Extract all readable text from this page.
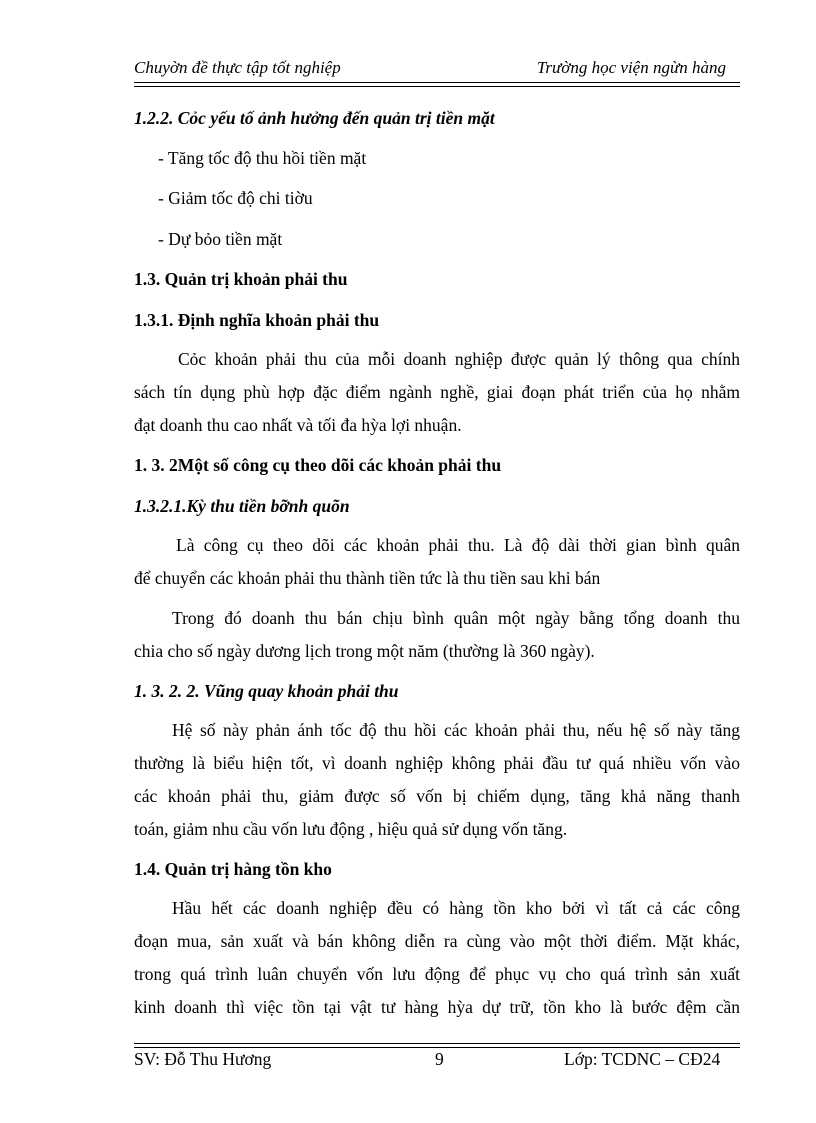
Chuyờn đề thực tập tốt nghiệp	Trường học viện ngừn hàng
1.2.2. Cỏc yếu tố ảnh hưởng đến quản trị tiền mặt
- Tăng tốc độ thu hồi tiền mặt
- Giảm tốc độ chi tiờu
- Dự bỏo tiền mặt
1.3. Quản trị khoản phải thu
1.3.1. Định nghĩa khoản phải thu
Cỏc khoản phải thu của mỗi doanh nghiệp được quản lý thông qua chính
sách tín dụng phù hợp đặc điểm ngành nghề, giai đoạn phát triển của họ nhằm
đạt doanh thu cao nhất và tối đa hỳa lợi nhuận.
1. 3. 2Một số công cụ theo dõi các khoản phải thu
1.3.2.1.Kỳ thu tiền bỡnh quõn
Là công cụ theo dõi các khoản phải thu. Là độ dài thời gian bình quân
để chuyển các khoản phải thu thành tiền tức là thu tiền sau khi bán
Trong đó doanh thu bán chịu bình quân một ngày bằng tổng doanh thu
chia cho số ngày dương lịch trong một năm (thường là 360 ngày).
1. 3. 2. 2. Vũng quay khoản phải thu
Hệ số này phản ánh tốc độ thu hồi các khoản phải thu, nếu hệ số này tăng
thường là biểu hiện tốt, vì doanh nghiệp không phải đầu tư quá nhiều vốn vào
các khoản phải thu, giảm được số vốn bị chiếm dụng, tăng khả năng thanh
toán, giảm nhu cầu vốn lưu động , hiệu quả sử dụng vốn tăng.
1.4. Quản trị hàng tồn kho
Hầu hết các doanh nghiệp đều có hàng tồn kho bởi vì tất cả các công
đoạn mua, sản xuất và bán không diễn ra cùng vào một thời điểm. Mặt khác,
trong quá trình luân chuyển vốn lưu động để phục vụ cho quá trình sản xuất
kinh doanh thì việc tồn tại vật tư hàng hỳa dự trữ, tồn kho là bước đệm cần
SV: Đỗ Thu Hương	9	Lớp: TCDNC – CĐ24
